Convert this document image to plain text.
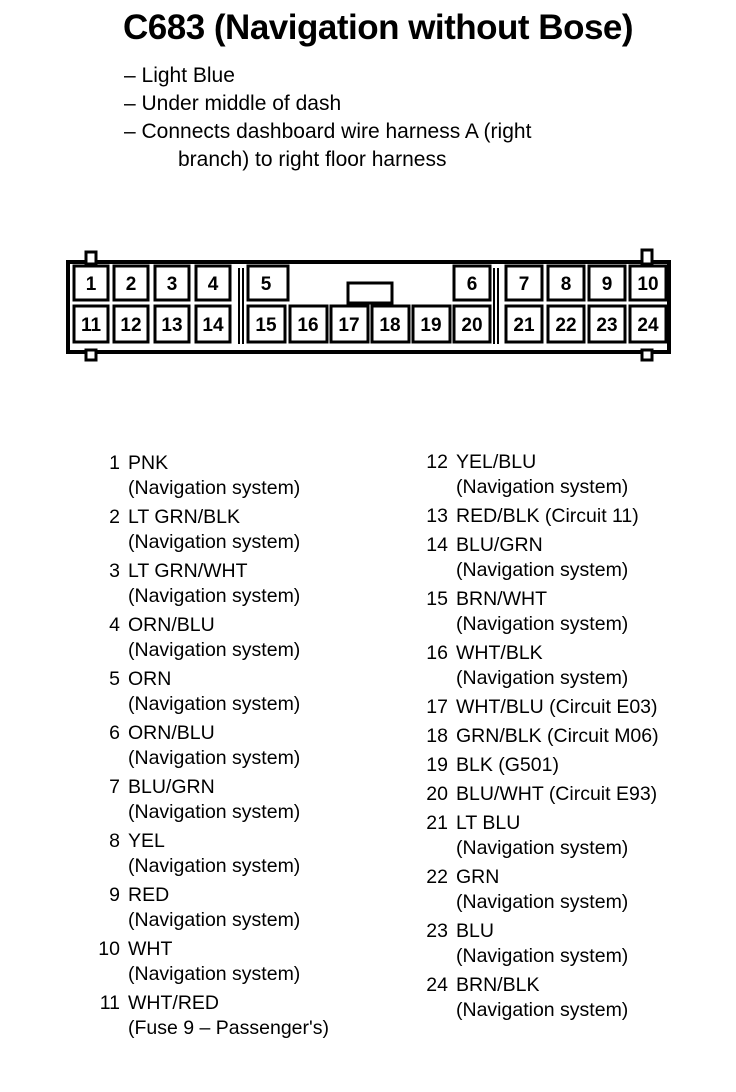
C683 (Navigation without Bose)
– Light Blue
– Under middle of dash
– Connects dashboard wire harness A (right
branch) to right floor harness
1 2 3 4 5	6 7 8 9 10
11 12 13 14 15 16 17 18 19 20 21 22 23 24
1 PNK
(Navigation system)
2 LT GRN/BLK
(Navigation system)
3 LT GRN/WHT
(Navigation system)
4 ORN/BLU
(Navigation system)
5 ORN
(Navigation system)
6 ORN/BLU
(Navigation system)
7 BLU/GRN
(Navigation system)
8 YEL
(Navigation system)
9 RED
(Navigation system)
10 WHT
(Navigation system)
11 WHT/RED
(Fuse 9 – Passenger's)
12 YEL/BLU
(Navigation system)
13 RED/BLK (Circuit 11)
14 BLU/GRN
(Navigation system)
15 BRN/WHT
(Navigation system)
16 WHT/BLK
(Navigation system)
17 WHT/BLU (Circuit E03)
18 GRN/BLK (Circuit M06)
19 BLK (G501)
20 BLU/WHT (Circuit E93)
21 LT BLU
(Navigation system)
22 GRN
(Navigation system)
23 BLU
(Navigation system)
24 BRN/BLK
(Navigation system)
